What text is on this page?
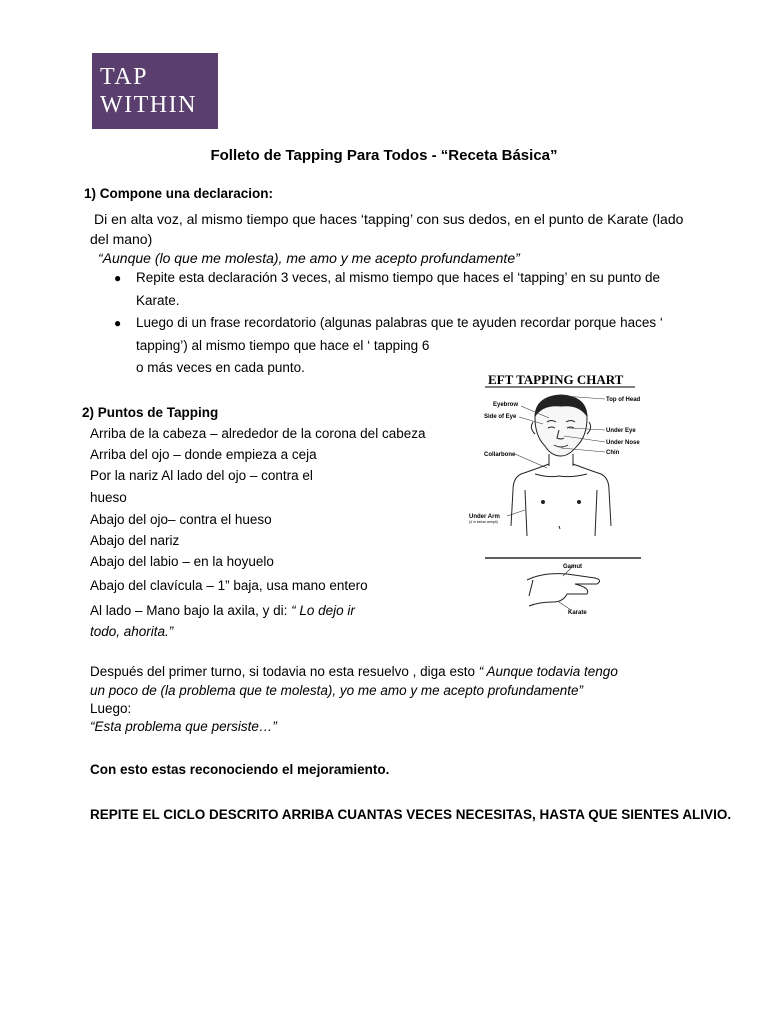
TAP
WITHIN
Folleto de Tapping Para Todos - “Receta Básica”
1) Compone una declaracion:
Di en alta voz, al mismo tiempo que haces ‘tapping’ con sus dedos, en el punto de Karate (lado
del mano)
“Aunque (lo que me molesta), me amo y me acepto profundamente”
● Repite esta declaración 3 veces, al mismo tiempo que haces el ‘tapping’ en su punto de
Karate.
● Luego di un frase recordatorio (algunas palabras que te ayuden recordar porque haces ‘
tapping’) al mismo tiempo que hace el ‘ tapping 6
o más veces en cada punto.
2) Puntos de Tapping
Arriba de la cabeza – alrededor de la corona del cabeza
Arriba del ojo – donde empieza a ceja
Por la nariz Al lado del ojo – contra el
hueso
Abajo del ojo– contra el hueso
Abajo del nariz
Abajo del labio – en la hoyuelo
Abajo del clavícula – 1” baja, usa mano entero
Al lado – Mano bajo la axila, y di: “ Lo dejo ir
todo, ahorita.”
EFT TAPPING CHART
Top of Head
Eyebrow
Side of Eye
Under Eye
Under Nose
Chin
Collarbone
Under Arm
(4 in below armpit)
Gamut
Karate
Después del primer turno, si todavia no esta resuelvo , diga esto “ Aunque todavia tengo
un poco de (la problema que te molesta), yo me amo y me acepto profundamente”
Luego:
“Esta problema que persiste…”
Con esto estas reconociendo el mejoramiento.
REPITE EL CICLO DESCRITO ARRIBA CUANTAS VECES NECESITAS, HASTA QUE SIENTES ALIVIO.
